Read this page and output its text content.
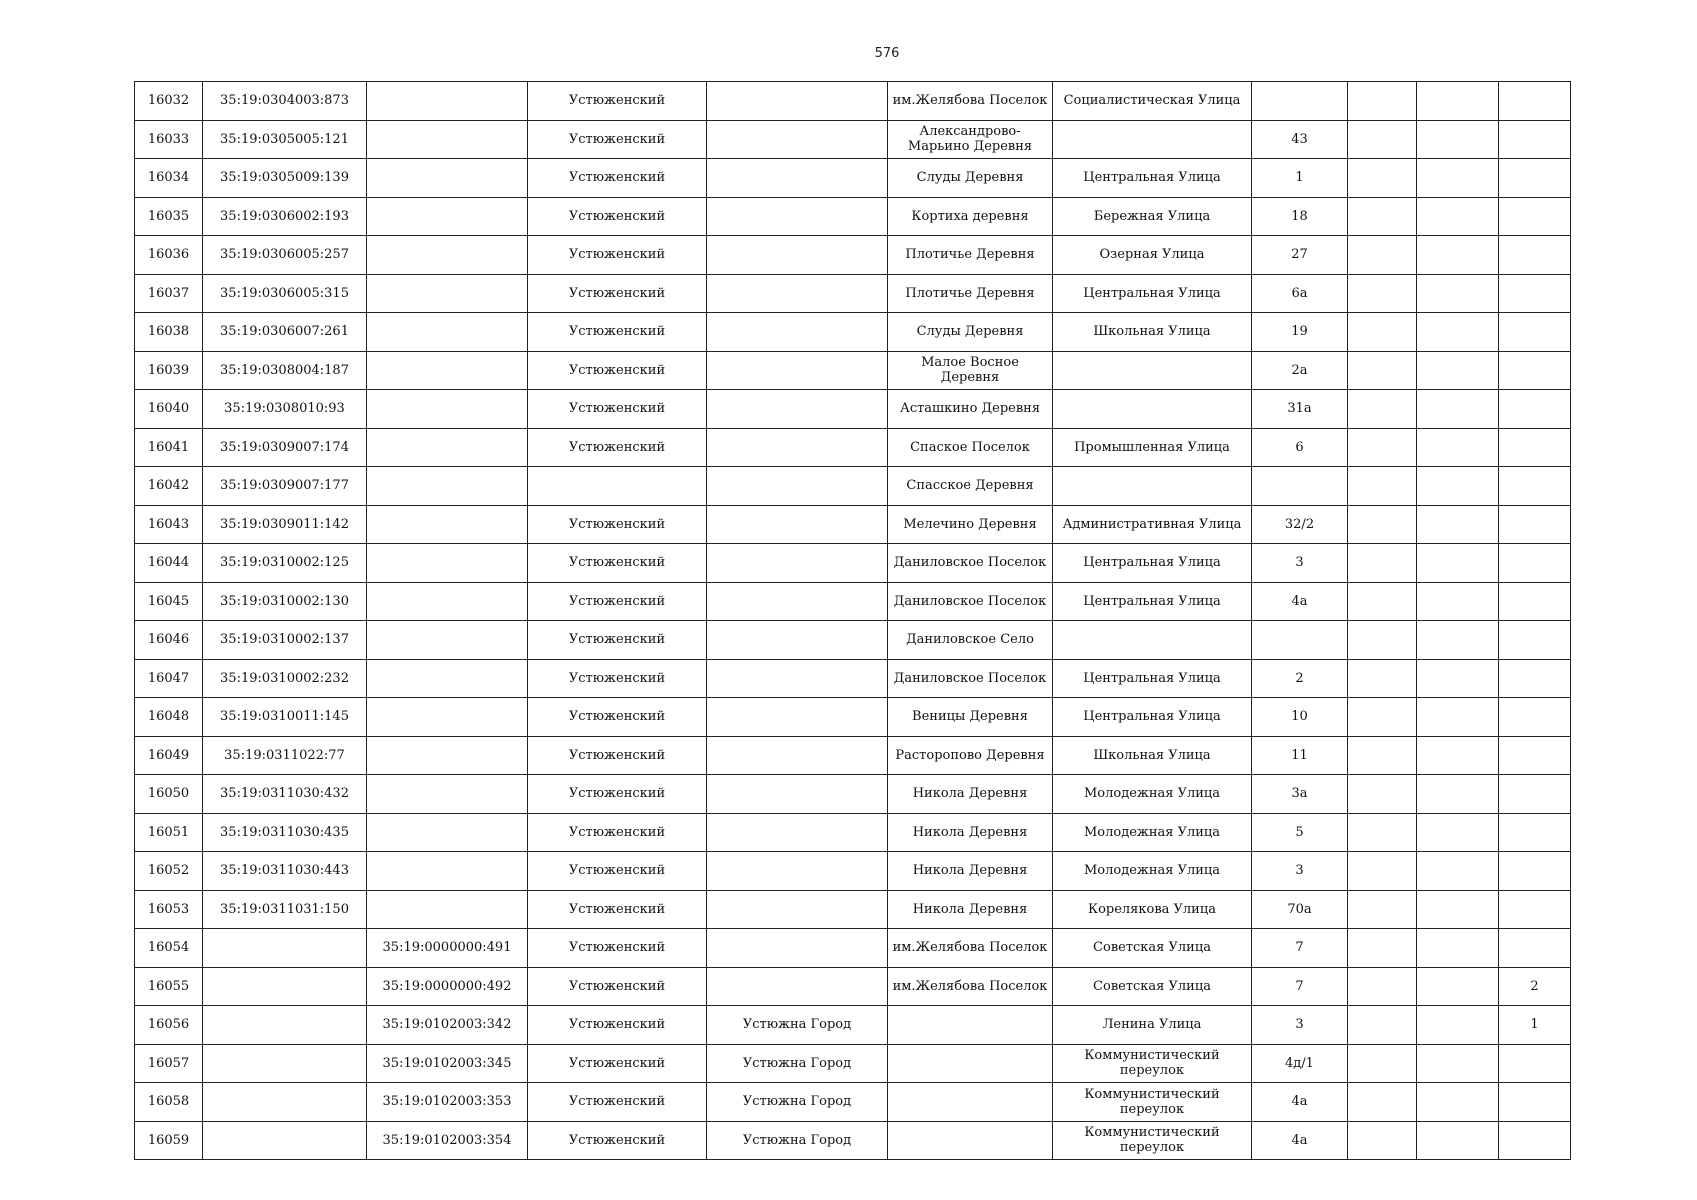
576
16032	35:19:0304003:873		Устюженский		им.Желябова Поселок	Социалистическая Улица				
16033	35:19:0305005:121		Устюженский		Александрово-Марьино Деревня		43			
16034	35:19:0305009:139		Устюженский		Слуды Деревня	Центральная Улица	1			
16035	35:19:0306002:193		Устюженский		Кортиха деревня	Бережная Улица	18			
16036	35:19:0306005:257		Устюженский		Плотичье Деревня	Озерная Улица	27			
16037	35:19:0306005:315		Устюженский		Плотичье Деревня	Центральная Улица	6а			
16038	35:19:0306007:261		Устюженский		Слуды Деревня	Школьная Улица	19			
16039	35:19:0308004:187		Устюженский		Малое Восное Деревня		2а			
16040	35:19:0308010:93		Устюженский		Асташкино Деревня		31а			
16041	35:19:0309007:174		Устюженский		Спаское Поселок	Промышленная Улица	6			
16042	35:19:0309007:177				Спасское Деревня					
16043	35:19:0309011:142		Устюженский		Мелечино Деревня	Административная Улица	32/2			
16044	35:19:0310002:125		Устюженский		Даниловское Поселок	Центральная Улица	3			
16045	35:19:0310002:130		Устюженский		Даниловское Поселок	Центральная Улица	4а			
16046	35:19:0310002:137		Устюженский		Даниловское Село					
16047	35:19:0310002:232		Устюженский		Даниловское Поселок	Центральная Улица	2			
16048	35:19:0310011:145		Устюженский		Веницы Деревня	Центральная Улица	10			
16049	35:19:0311022:77		Устюженский		Расторопово Деревня	Школьная Улица	11			
16050	35:19:0311030:432		Устюженский		Никола Деревня	Молодежная Улица	3а			
16051	35:19:0311030:435		Устюженский		Никола Деревня	Молодежная Улица	5			
16052	35:19:0311030:443		Устюженский		Никола Деревня	Молодежная Улица	3			
16053	35:19:0311031:150		Устюженский		Никола Деревня	Корелякова Улица	70а			
16054		35:19:0000000:491	Устюженский		им.Желябова Поселок	Советская Улица	7			
16055		35:19:0000000:492	Устюженский		им.Желябова Поселок	Советская Улица	7			2
16056		35:19:0102003:342	Устюженский	Устюжна Город		Ленина Улица	3			1
16057		35:19:0102003:345	Устюженский	Устюжна Город		Коммунистический переулок	4д/1			
16058		35:19:0102003:353	Устюженский	Устюжна Город		Коммунистический переулок	4а			
16059		35:19:0102003:354	Устюженский	Устюжна Город		Коммунистический переулок	4а			
